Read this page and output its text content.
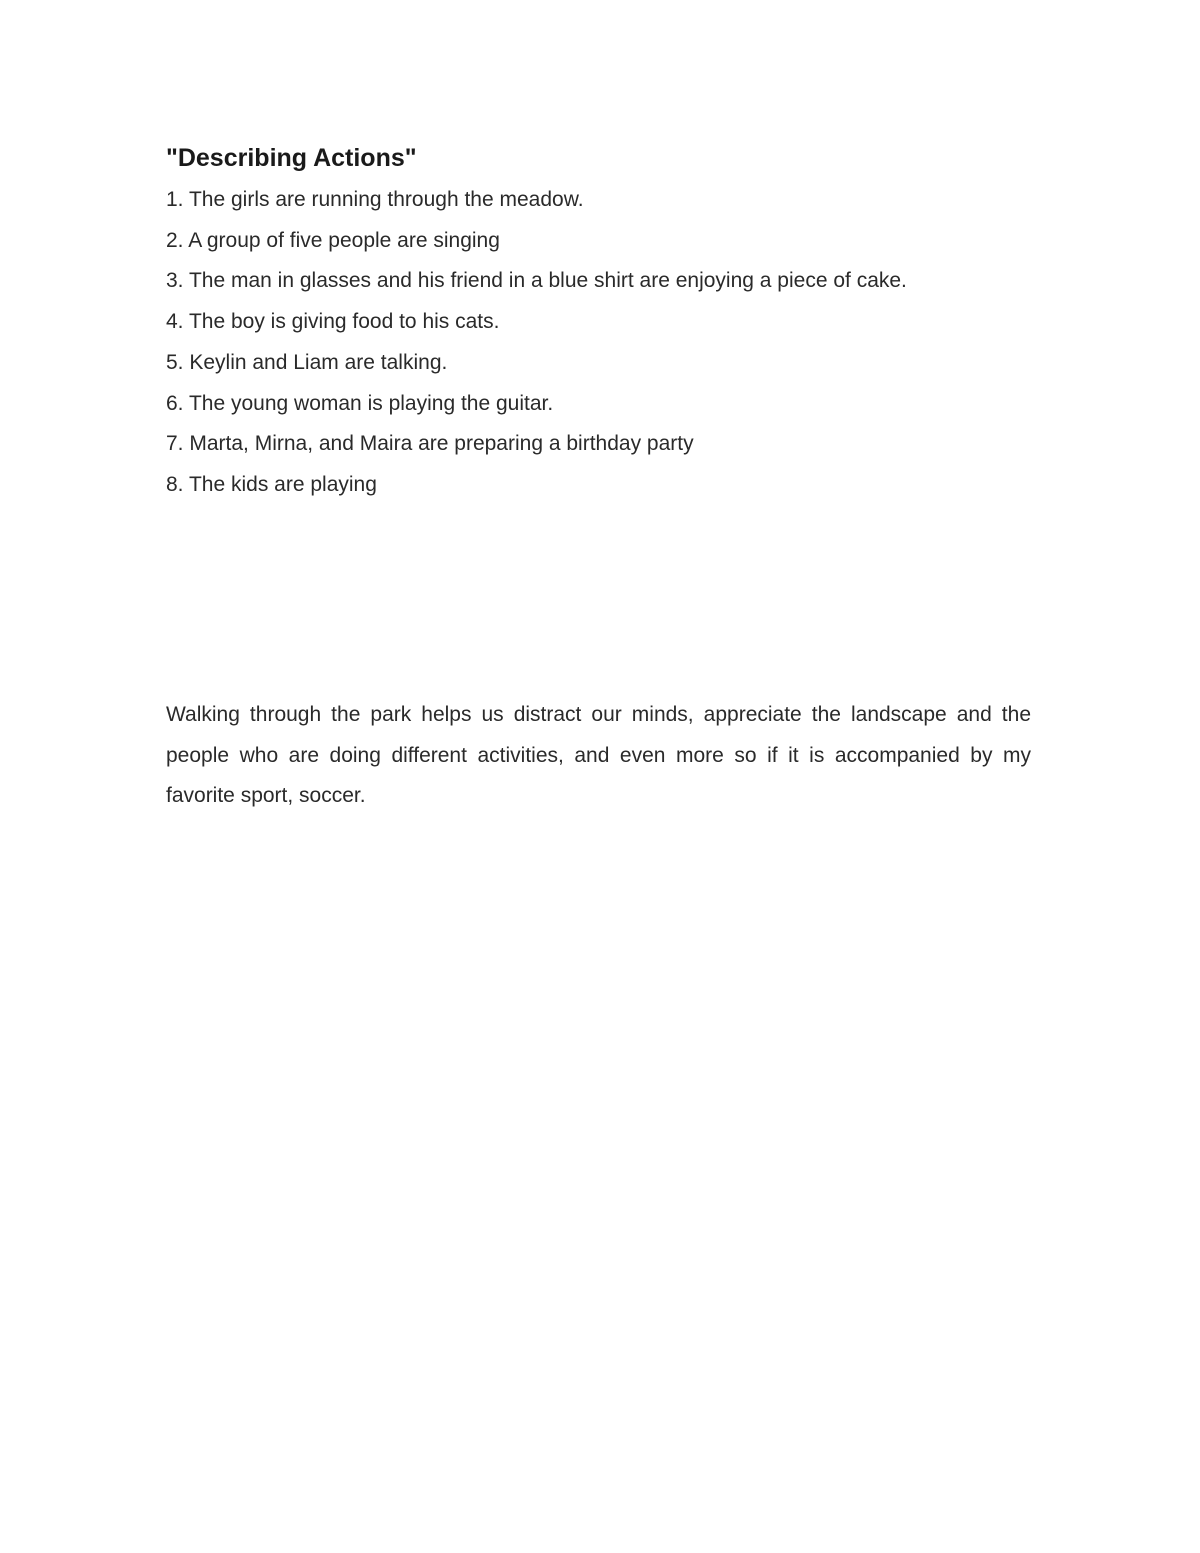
"Describing Actions"
1. The girls are running through the meadow.
2. A group of five people are singing
3. The man in glasses and his friend in a blue shirt are enjoying a piece of cake.
4. The boy is giving food to his cats.
5. Keylin and Liam are talking.
6. The young woman is playing the guitar.
7. Marta, Mirna, and Maira are preparing a birthday party
8. The kids are playing

Walking through the park helps us distract our minds, appreciate the landscape and the people who are doing different activities, and even more so if it is accompanied by my favorite sport, soccer.
